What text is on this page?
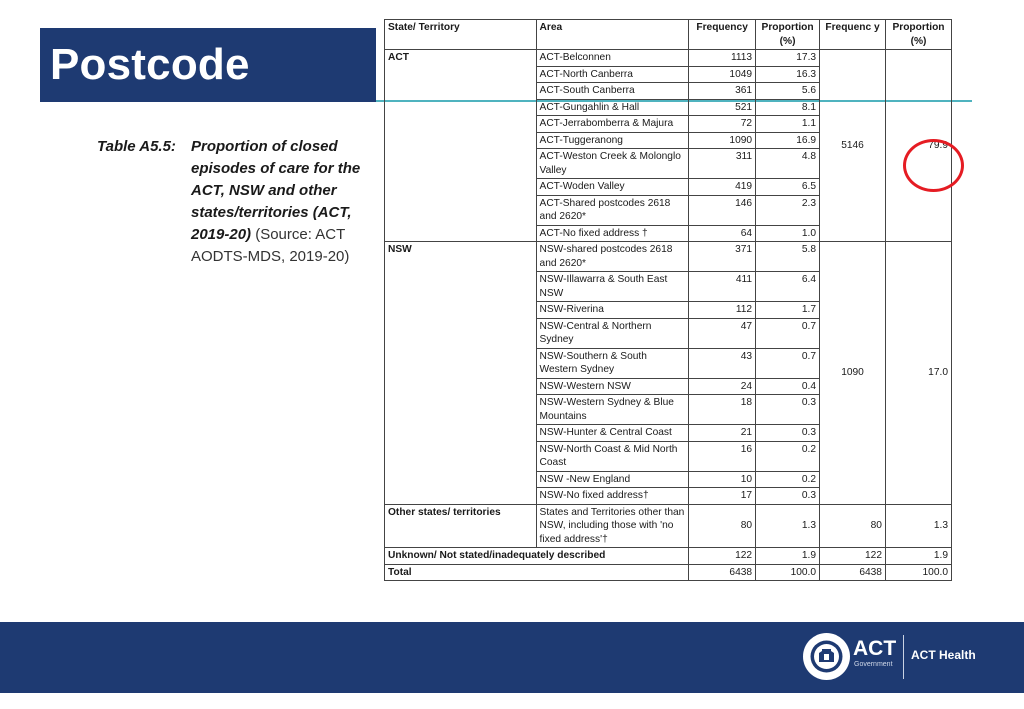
Postcode
Table A5.5: Proportion of closed episodes of care for the ACT, NSW and other states/territories (ACT, 2019-20) (Source: ACT AODTS-MDS, 2019-20)
State/ Territory	Area	Frequency	Proportion (%)	Frequenc y	Proportion (%)
ACT	ACT-Belconnen	1113	17.3	5146	79.9
	ACT-North Canberra	1049	16.3		
	ACT-South Canberra	361	5.6		
	ACT-Gungahlin & Hall	521	8.1		
	ACT-Jerrabomberra & Majura	72	1.1		
	ACT-Tuggeranong	1090	16.9		
	ACT-Weston Creek & Molonglo Valley	311	4.8		
	ACT-Woden Valley	419	6.5		
	ACT-Shared postcodes 2618 and 2620*	146	2.3		
	ACT-No fixed address †	64	1.0		
NSW	NSW-shared postcodes 2618 and 2620*	371	5.8	1090	17.0
	NSW-Illawarra & South East NSW	411	6.4		
	NSW-Riverina	112	1.7		
	NSW-Central & Northern Sydney	47	0.7		
	NSW-Southern & South Western Sydney	43	0.7		
	NSW-Western NSW	24	0.4		
	NSW-Western Sydney & Blue Mountains	18	0.3		
	NSW-Hunter & Central Coast	21	0.3		
	NSW-North Coast & Mid North Coast	16	0.2		
	NSW -New England	10	0.2		
	NSW-No fixed address†	17	0.3		
Other states/ territories	States and Territories other than NSW, including those with 'no fixed address'†	80	1.3	80	1.3
Unknown/ Not stated/inadequately described		122	1.9	122	1.9
Total		6438	100.0	6438	100.0
ACT
Government
ACT Health
